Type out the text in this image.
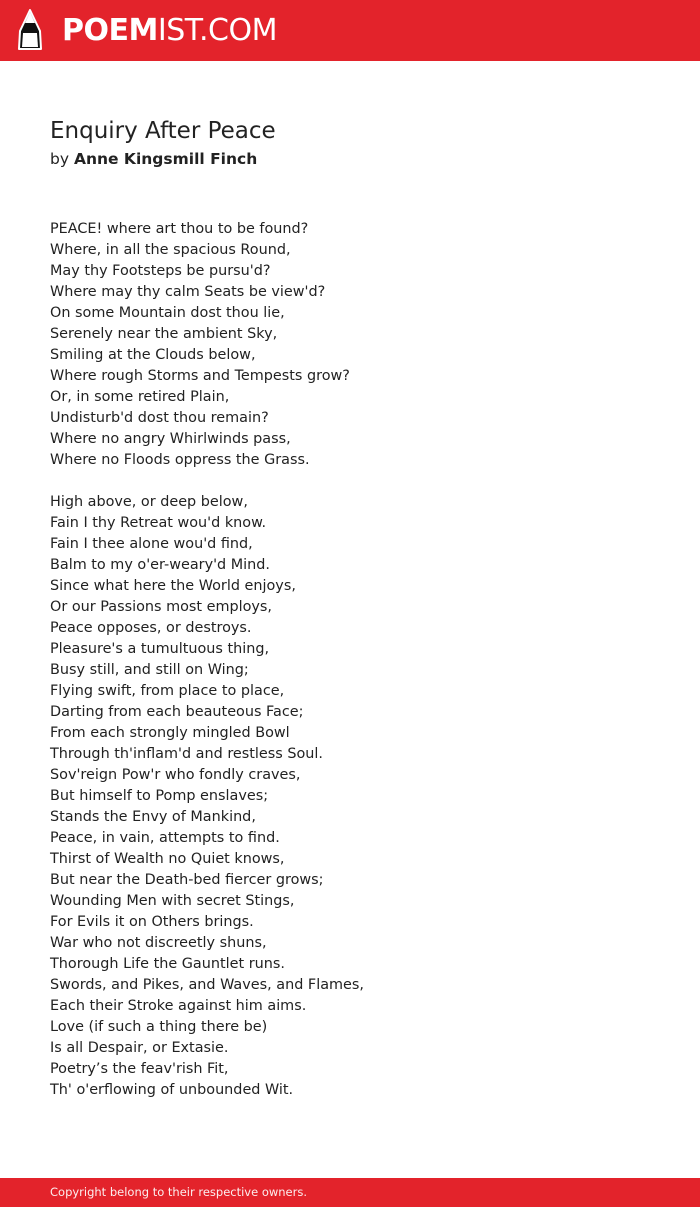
POEMIST.COM
Enquiry After Peace
by Anne Kingsmill Finch
PEACE! where art thou to be found?
Where, in all the spacious Round,
May thy Footsteps be pursu'd?
Where may thy calm Seats be view'd?
On some Mountain dost thou lie,
Serenely near the ambient Sky,
Smiling at the Clouds below,
Where rough Storms and Tempests grow?
Or, in some retired Plain,
Undisturb'd dost thou remain?
Where no angry Whirlwinds pass,
Where no Floods oppress the Grass.
High above, or deep below,
Fain I thy Retreat wou'd know.
Fain I thee alone wou'd find,
Balm to my o'er-weary'd Mind.
Since what here the World enjoys,
Or our Passions most employs,
Peace opposes, or destroys.
Pleasure's a tumultuous thing,
Busy still, and still on Wing;
Flying swift, from place to place,
Darting from each beauteous Face;
From each strongly mingled Bowl
Through th'inflam'd and restless Soul.
Sov'reign Pow'r who fondly craves,
But himself to Pomp enslaves;
Stands the Envy of Mankind,
Peace, in vain, attempts to find.
Thirst of Wealth no Quiet knows,
But near the Death-bed fiercer grows;
Wounding Men with secret Stings,
For Evils it on Others brings.
War who not discreetly shuns,
Thorough Life the Gauntlet runs.
Swords, and Pikes, and Waves, and Flames,
Each their Stroke against him aims.
Love (if such a thing there be)
Is all Despair, or Extasie.
Poetry’s the feav'rish Fit,
Th' o'erflowing of unbounded Wit.
Copyright belong to their respective owners.
